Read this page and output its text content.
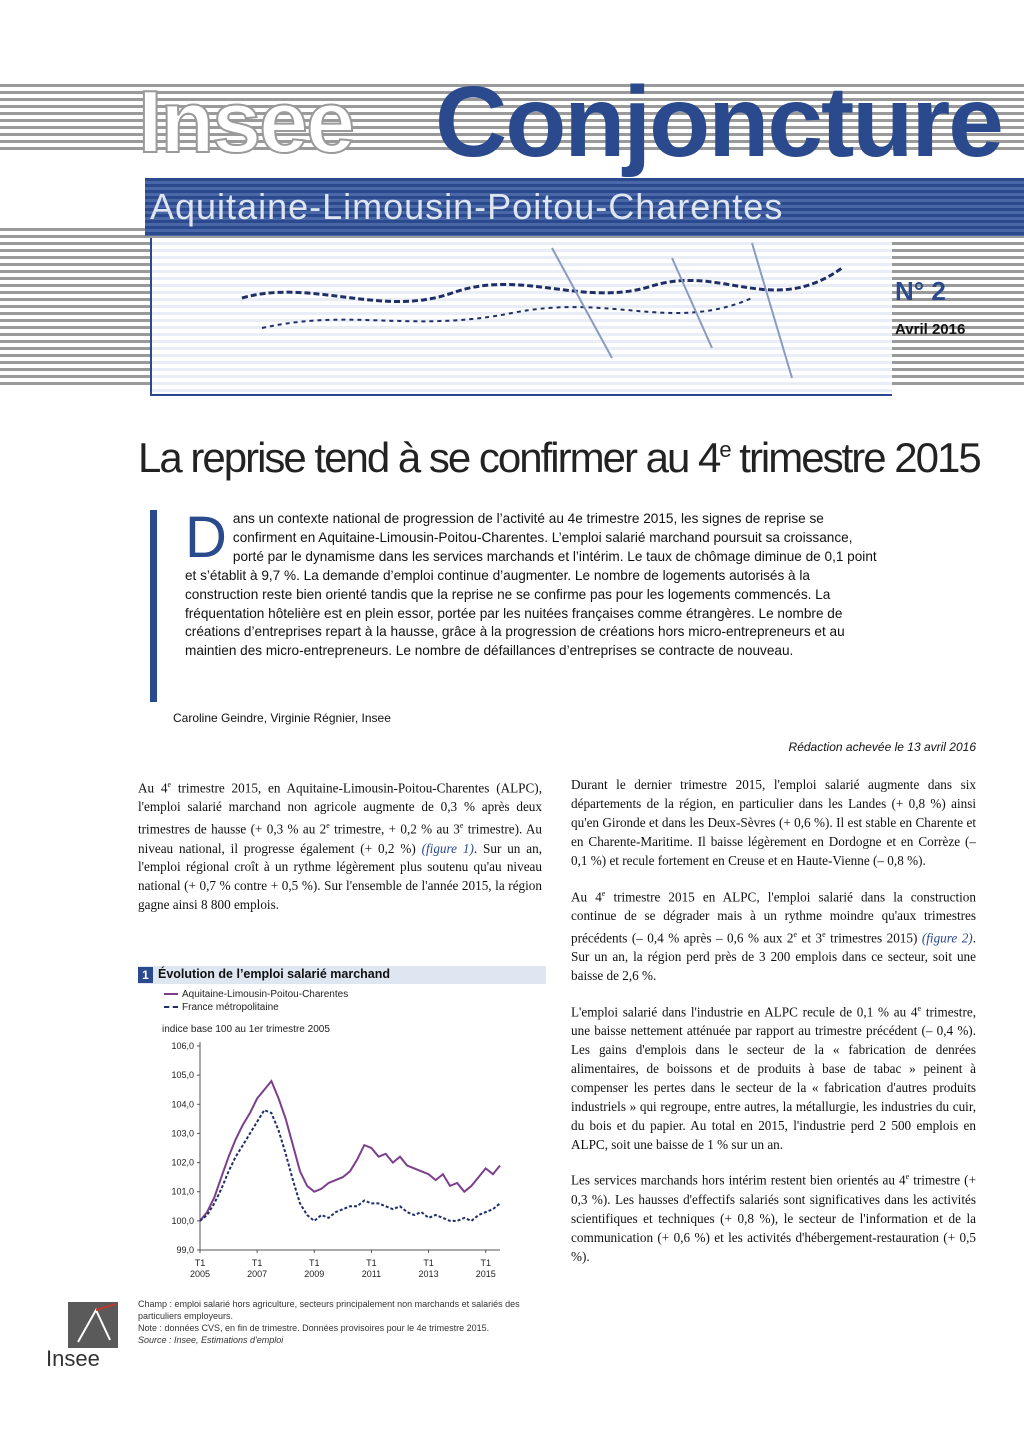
Insee Conjoncture
Aquitaine-Limousin-Poitou-Charentes
N° 2
Avril 2016
La reprise tend à se confirmer au 4e trimestre 2015
Dans un contexte national de progression de l’activité au 4e trimestre 2015, les signes de reprise se confirment en Aquitaine-Limousin-Poitou-Charentes. L’emploi salarié marchand poursuit sa croissance, porté par le dynamisme dans les services marchands et l’intérim. Le taux de chômage diminue de 0,1 point et s’établit à 9,7 %. La demande d’emploi continue d’augmenter. Le nombre de logements autorisés à la construction reste bien orienté tandis que la reprise ne se confirme pas pour les logements commencés. La fréquentation hôtelière est en plein essor, portée par les nuitées françaises comme étrangères. Le nombre de créations d’entreprises repart à la hausse, grâce à la progression de créations hors micro-entrepreneurs et au maintien des micro-entrepreneurs. Le nombre de défaillances d’entreprises se contracte de nouveau.
Caroline Geindre, Virginie Régnier, Insee
Rédaction achevée le 13 avril 2016

Au 4e trimestre 2015, en Aquitaine-Limousin-Poitou-Charentes (ALPC), l'emploi salarié marchand non agricole augmente de 0,3 % après deux trimestres de hausse (+ 0,3 % au 2e trimestre, + 0,2 % au 3e trimestre). Au niveau national, il progresse également (+ 0,2 %) (figure 1). Sur un an, l'emploi régional croît à un rythme légèrement plus soutenu qu'au niveau national (+ 0,7 % contre + 0,5 %). Sur l'ensemble de l'année 2015, la région gagne ainsi 8 800 emplois.

1 Évolution de l’emploi salarié marchand
Aquitaine-Limousin-Poitou-Charentes
France métropolitaine
indice base 100 au 1er trimestre 2005
99,0
100,0
101,0
102,0
103,0
104,0
105,0
106,0
T1
2005
T1
2007
T1
2009
T1
2011
T1
2013
T1
2015
Champ : emploi salarié hors agriculture, secteurs principalement non marchands et salariés des particuliers employeurs.
Note : données CVS, en fin de trimestre. Données provisoires pour le 4e trimestre 2015.
Source : Insee, Estimations d'emploi

Durant le dernier trimestre 2015, l'emploi salarié augmente dans six départements de la région, en particulier dans les Landes (+ 0,8 %) ainsi qu'en Gironde et dans les Deux-Sèvres (+ 0,6 %). Il est stable en Charente et en Charente-Maritime. Il baisse légèrement en Dordogne et en Corrèze (– 0,1 %) et recule fortement en Creuse et en Haute-Vienne (– 0,8 %).

Au 4e trimestre 2015 en ALPC, l'emploi salarié dans la construction continue de se dégrader mais à un rythme moindre qu'aux trimestres précédents (– 0,4 % après – 0,6 % aux 2e et 3e trimestres 2015) (figure 2). Sur un an, la région perd près de 3 200 emplois dans ce secteur, soit une baisse de 2,6 %.

L'emploi salarié dans l'industrie en ALPC recule de 0,1 % au 4e trimestre, une baisse nettement atténuée par rapport au trimestre précédent (– 0,4 %). Les gains d'emplois dans le secteur de la « fabrication de denrées alimentaires, de boissons et de produits à base de tabac » peinent à compenser les pertes dans le secteur de la « fabrication d'autres produits industriels » qui regroupe, entre autres, la métallurgie, les industries du cuir, du bois et du papier. Au total en 2015, l'industrie perd 2 500 emplois en ALPC, soit une baisse de 1 % sur un an.

Les services marchands hors intérim restent bien orientés au 4e trimestre (+ 0,3 %). Les hausses d'effectifs salariés sont significatives dans les activités scientifiques et techniques (+ 0,8 %), le secteur de l'information et de la communication (+ 0,6 %) et les activités d'hébergement-restauration (+ 0,5 %).

Insee
